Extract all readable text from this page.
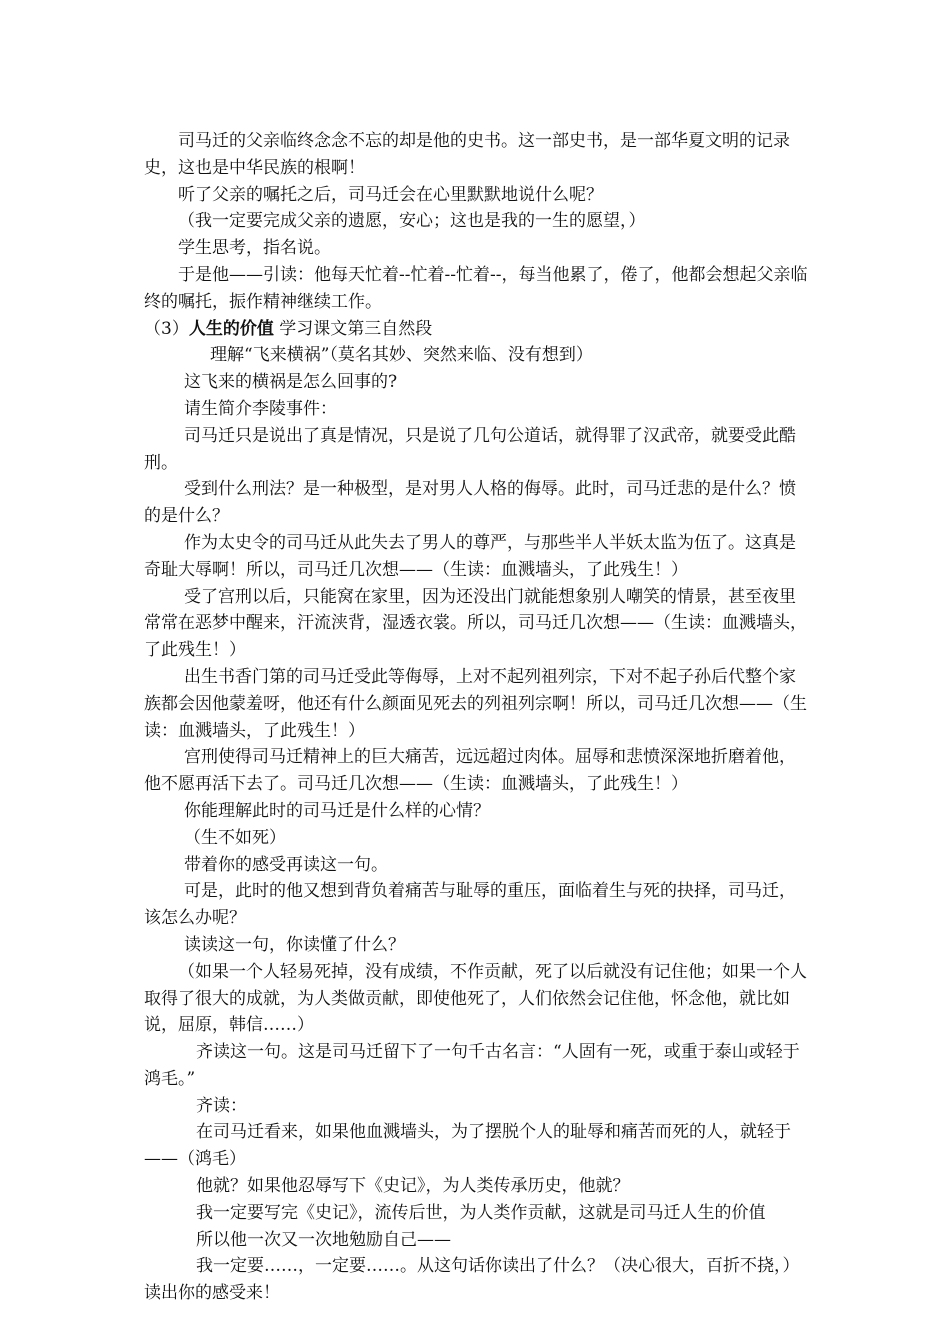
司马迁的父亲临终念念不忘的却是他的史书。这一部史书，是一部华夏文明的记录史，这也是中华民族的根啊！

听了父亲的嘱托之后，司马迁会在心里默默地说什么呢？

（我一定要完成父亲的遗愿，安心；这也是我的一生的愿望，）

学生思考，指名说。

于是他——引读：他每天忙着--忙着--忙着--，每当他累了，倦了，他都会想起父亲临终的嘱托，振作精神继续工作。

（3）人生的价值 学习课文第三自然段

理解“飞来横祸”（莫名其妙、突然来临、没有想到）

这飞来的横祸是怎么回事的?

请生简介李陵事件：

司马迁只是说出了真是情况，只是说了几句公道话，就得罪了汉武帝，就要受此酷刑。

受到什么刑法？是一种极型，是对男人人格的侮辱。此时，司马迁悲的是什么？愤的是什么？

作为太史令的司马迁从此失去了男人的尊严，与那些半人半妖太监为伍了。这真是奇耻大辱啊！所以，司马迁几次想——（生读：血溅墙头，了此残生！）

受了宫刑以后，只能窝在家里，因为还没出门就能想象别人嘲笑的情景，甚至夜里常常在恶梦中醒来，汗流浃背，湿透衣裳。所以，司马迁几次想——（生读：血溅墙头，了此残生！）

出生书香门第的司马迁受此等侮辱，上对不起列祖列宗，下对不起子孙后代整个家族都会因他蒙羞呀，他还有什么颜面见死去的列祖列宗啊！所以，司马迁几次想——（生读：血溅墙头，了此残生！）

宫刑使得司马迁精神上的巨大痛苦，远远超过肉体。屈辱和悲愤深深地折磨着他，他不愿再活下去了。司马迁几次想——（生读：血溅墙头，了此残生！）

你能理解此时的司马迁是什么样的心情？

（生不如死）

带着你的感受再读这一句。

可是，此时的他又想到背负着痛苦与耻辱的重压，面临着生与死的抉择，司马迁，该怎么办呢？

读读这一句，你读懂了什么？

（如果一个人轻易死掉，没有成绩，不作贡献，死了以后就没有记住他；如果一个人取得了很大的成就，为人类做贡献，即使他死了，人们依然会记住他，怀念他，就比如说，屈原，韩信……）

齐读这一句。这是司马迁留下了一句千古名言：“人固有一死，或重于泰山或轻于鸿毛。”

齐读：

在司马迁看来，如果他血溅墙头，为了摆脱个人的耻辱和痛苦而死的人，就轻于——（鸿毛）

他就？如果他忍辱写下《史记》，为人类传承历史，他就？

我一定要写完《史记》，流传后世，为人类作贡献，这就是司马迁人生的价值

所以他一次又一次地勉励自己——

我一定要……，一定要……。从这句话你读出了什么？（决心很大，百折不挠，）读出你的感受来！
